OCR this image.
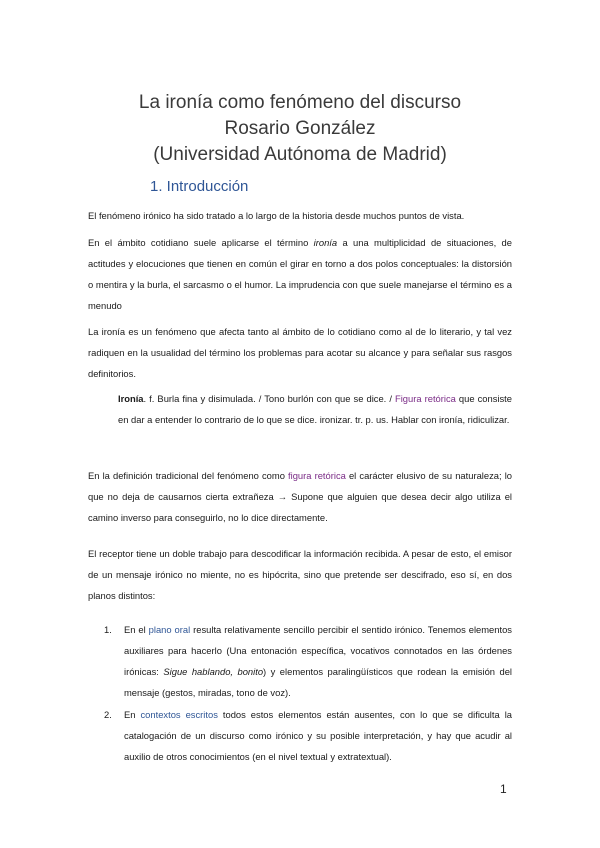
La ironía como fenómeno del discurso
Rosario González
(Universidad Autónoma de Madrid)
1. Introducción

El fenómeno irónico ha sido tratado a lo largo de la historia desde muchos puntos de vista.

En el ámbito cotidiano suele aplicarse el término ironía a una multiplicidad de situaciones, de actitudes y elocuciones que tienen en común el girar en torno a dos polos conceptuales: la distorsión o mentira y la burla, el sarcasmo o el humor. La imprudencia con que suele manejarse el término es a menudo

La ironía es un fenómeno que afecta tanto al ámbito de lo cotidiano como al de lo literario, y tal vez radiquen en la usualidad del término los problemas para acotar su alcance y para señalar sus rasgos definitorios.

Ironía. f. Burla fina y disimulada. / Tono burlón con que se dice. / Figura retórica que consiste en dar a entender lo contrario de lo que se dice. ironizar. tr. p. us. Hablar con ironía, ridiculizar.

En la definición tradicional del fenómeno como figura retórica el carácter elusivo de su naturaleza; lo que no deja de causarnos cierta extrañeza → Supone que alguien que desea decir algo utiliza el camino inverso para conseguirlo, no lo dice directamente.

El receptor tiene un doble trabajo para descodificar la información recibida. A pesar de esto, el emisor de un mensaje irónico no miente, no es hipócrita, sino que pretende ser descifrado, eso sí, en dos planos distintos:

1. En el plano oral resulta relativamente sencillo percibir el sentido irónico. Tenemos elementos auxiliares para hacerlo (Una entonación específica, vocativos connotados en las órdenes irónicas: Sigue hablando, bonito) y elementos paralingüísticos que rodean la emisión del mensaje (gestos, miradas, tono de voz).
2. En contextos escritos todos estos elementos están ausentes, con lo que se dificulta la catalogación de un discurso como irónico y su posible interpretación, y hay que acudir al auxilio de otros conocimientos (en el nivel textual y extratextual).
1
